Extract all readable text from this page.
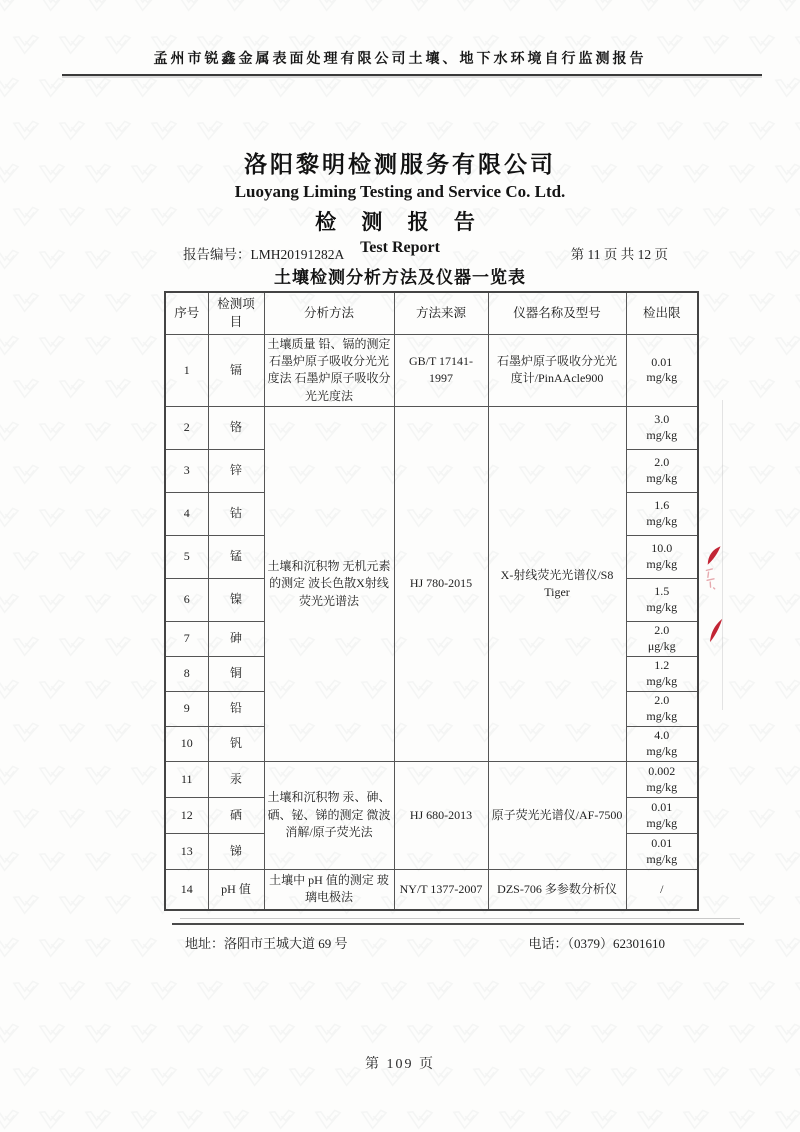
孟州市锐鑫金属表面处理有限公司土壤、地下水环境自行监测报告
洛阳黎明检测服务有限公司
Luoyang Liming Testing and Service Co. Ltd.
检 测 报 告
Test Report
报告编号：LMH20191282A	第 11 页 共 12 页
土壤检测分析方法及仪器一览表
序号	检测项目	分析方法	方法来源	仪器名称及型号	检出限
1	镉	土壤质量 铅、镉的测定 石墨炉原子吸收分光光度法 石墨炉原子吸收分光光度法	GB/T 17141-1997	石墨炉原子吸收分光光度计/PinAAcle900	0.01
mg/kg

2	铬	土壤和沉积物 无机元素的测定 波长色散X射线荧光光谱法	HJ 780-2015	X-射线荧光光谱仪/S8 Tiger	3.0
mg/kg

3	锌				2.0
mg/kg

4	钴				1.6
mg/kg

5	锰				10.0
mg/kg

6	镍				1.5
mg/kg

7	砷				2.0
μg/kg

8	铜				1.2
mg/kg

9	铅				2.0
mg/kg

10	钒				4.0
mg/kg

11	汞	土壤和沉积物 汞、砷、硒、铋、锑的测定 微波消解/原子荧光法	HJ 680-2013	原子荧光光谱仪/AF-7500	0.002
mg/kg

12	硒				0.01
mg/kg

13	锑				0.01
mg/kg

14	pH 值	土壤中 pH 值的测定 玻璃电极法	NY/T 1377-2007	DZS-706 多参数分析仪	/
地址：洛阳市王城大道 69 号	电话：（0379）62301610
第 109 页
